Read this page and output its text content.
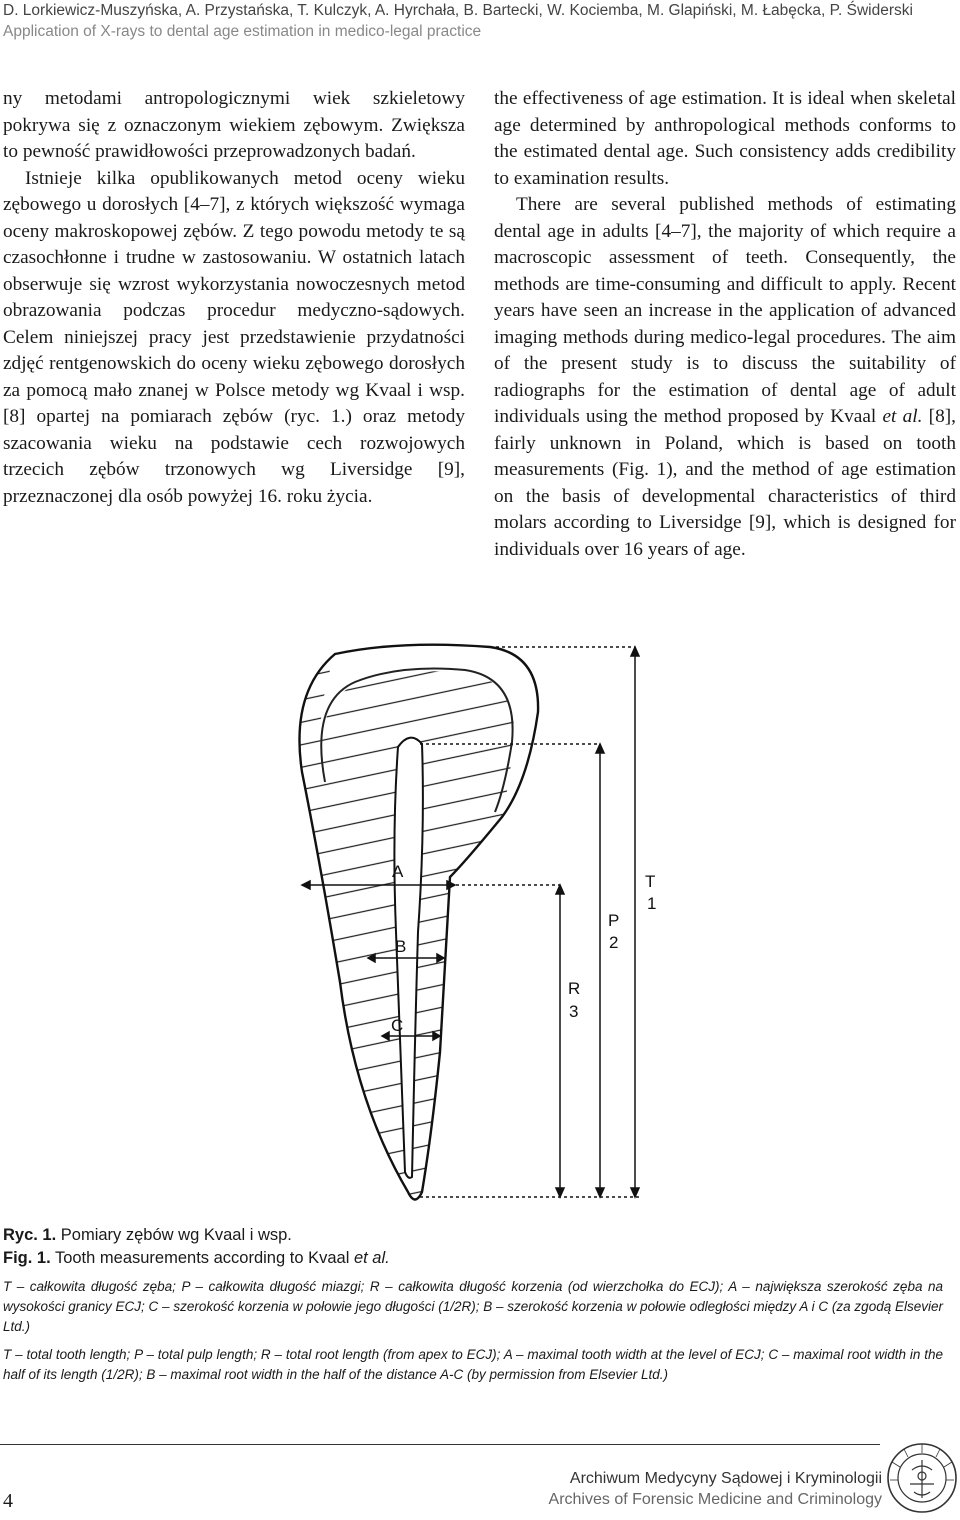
D. Lorkiewicz-Muszyńska, A. Przystańska, T. Kulczyk, A. Hyrchała, B. Bartecki, W. Kociemba, M. Glapiński, M. Łabęcka, P. Świderski
Application of X-rays to dental age estimation in medico-legal practice

ny metodami antropologicznymi wiek szkieletowy pokrywa się z oznaczonym wiekiem zębowym. Zwiększa to pewność prawidłowości przeprowadzonych badań.

Istnieje kilka opublikowanych metod oceny wieku zębowego u dorosłych [4–7], z których większość wymaga oceny makroskopowej zębów. Z tego powodu metody te są czasochłonne i trudne w zastosowaniu. W ostatnich latach obserwuje się wzrost wykorzystania nowoczesnych metod obrazowania podczas procedur medyczno-sądowych. Celem niniejszej pracy jest przedstawienie przydatności zdjęć rentgenowskich do oceny wieku zębowego dorosłych za pomocą mało znanej w Polsce metody wg Kvaal i wsp. [8] opartej na pomiarach zębów (ryc. 1.) oraz metody szacowania wieku na podstawie cech rozwojowych trzecich zębów trzonowych wg Liversidge [9], przeznaczonej dla osób powyżej 16. roku życia.

the effectiveness of age estimation. It is ideal when skeletal age determined by anthropological methods conforms to the estimated dental age. Such consistency adds credibility to examination results.

There are several published methods of estimating dental age in adults [4–7], the majority of which require a macroscopic assessment of teeth. Consequently, the methods are time-consuming and difficult to apply. Recent years have seen an increase in the application of advanced imaging methods during medico-legal procedures. The aim of the present study is to discuss the suitability of radiographs for the estimation of dental age of adult individuals using the method proposed by Kvaal et al. [8], fairly unknown in Poland, which is based on tooth measurements (Fig. 1), and the method of age estimation on the basis of developmental characteristics of third molars according to Liversidge [9], which is designed for individuals over 16 years of age.

A
B
C
T
1
P
2
R
3
Ryc. 1. Pomiary zębów wg Kvaal i wsp.
Fig. 1. Tooth measurements according to Kvaal et al.
T – całkowita długość zęba; P – całkowita długość miazgi; R – całkowita długość korzenia (od wierzchołka do ECJ); A – największa szerokość zęba na wysokości granicy ECJ; C – szerokość korzenia w połowie jego długości (1/2R); B – szerokość korzenia w połowie odległości między A i C (za zgodą Elsevier Ltd.)
T – total tooth length; P – total pulp length; R – total root length (from apex to ECJ); A – maximal tooth width at the level of ECJ; C – maximal root width in the half of its length (1/2R); B – maximal root width in the half of the distance A-C (by permission from Elsevier Ltd.)
4
Archiwum Medycyny Sądowej i Kryminologii
Archives of Forensic Medicine and Criminology
